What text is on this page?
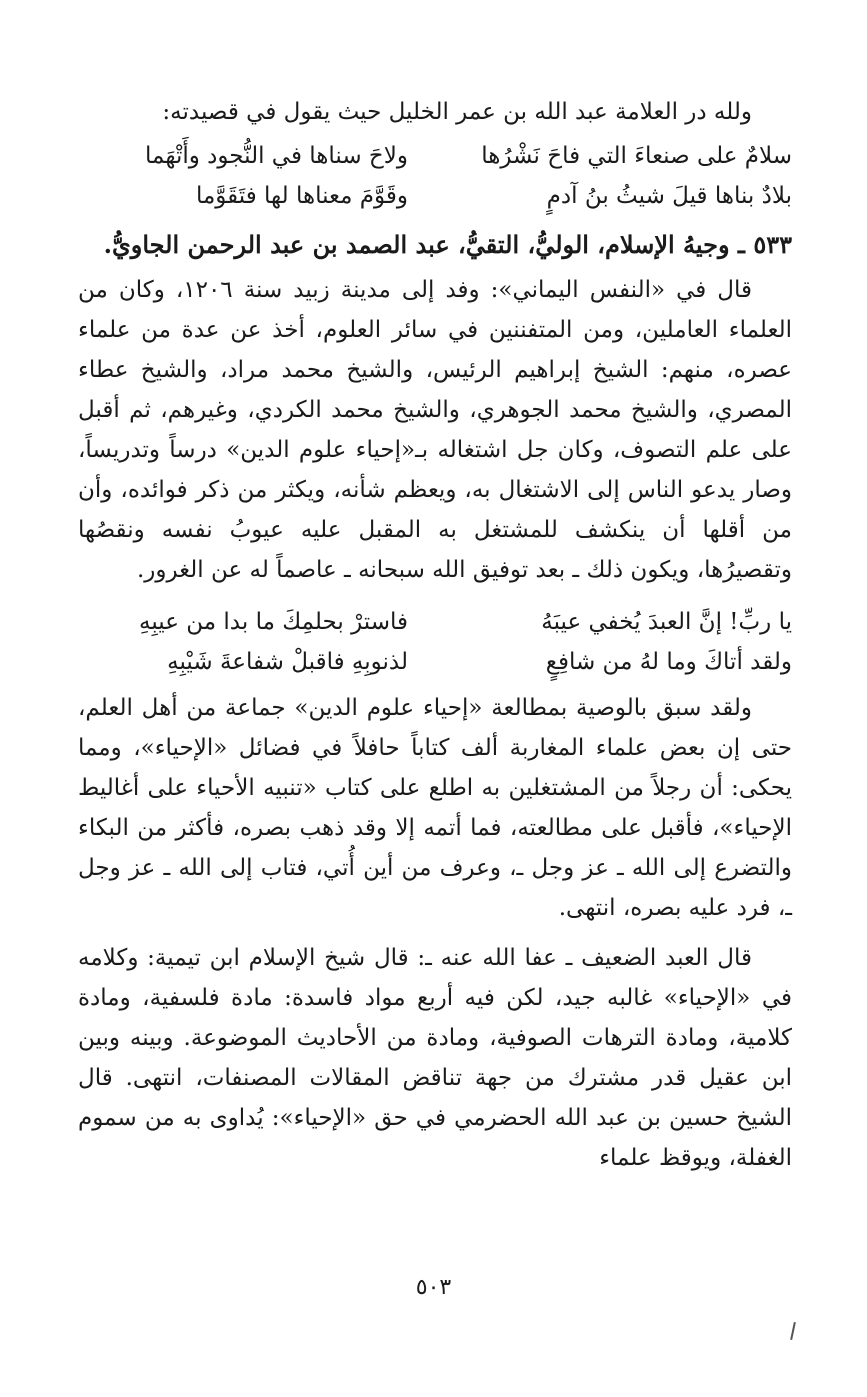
ولله در العلامة عبد الله بن عمر الخليل حيث يقول في قصيدته:

سلامٌ على صنعاءَ التي فاحَ نَشْرُها
ولاحَ سناها في النُّجود وأَتْهَما
بلادٌ بناها قيلَ شيثُ بنُ آدمٍ
وقَوَّمَ معناها لها فتَقَوَّما

٥٣٣ ـ وجيهُ الإسلام، الوليُّ، التقيُّ، عبد الصمد بن عبد الرحمن الجاويُّ.

قال في «النفس اليماني»: وفد إلى مدينة زبيد سنة ١٢٠٦، وكان من العلماء العاملين، ومن المتفننين في سائر العلوم، أخذ عن عدة من علماء عصره، منهم: الشيخ إبراهيم الرئيس، والشيخ محمد مراد، والشيخ عطاء المصري، والشيخ محمد الجوهري، والشيخ محمد الكردي، وغيرهم، ثم أقبل على علم التصوف، وكان جل اشتغاله بـ«إحياء علوم الدين» درساً وتدريساً، وصار يدعو الناس إلى الاشتغال به، ويعظم شأنه، ويكثر من ذكر فوائده، وأن من أقلها أن ينكشف للمشتغل به المقبل عليه عيوبُ نفسه ونقصُها وتقصيرُها، ويكون ذلك ـ بعد توفيق الله سبحانه ـ عاصماً له عن الغرور.

يا ربِّ! إنَّ العبدَ يُخفي عيبَهُ
فاسترْ بحلمِكَ ما بدا من عيبِهِ
ولقد أتاكَ وما لهُ من شافِعٍ
لذنوبِهِ فاقبلْ شفاعةَ شَيْبِهِ

ولقد سبق بالوصية بمطالعة «إحياء علوم الدين» جماعة من أهل العلم، حتى إن بعض علماء المغاربة ألف كتاباً حافلاً في فضائل «الإحياء»، ومما يحكى: أن رجلاً من المشتغلين به اطلع على كتاب «تنبيه الأحياء على أغاليط الإحياء»، فأقبل على مطالعته، فما أتمه إلا وقد ذهب بصره، فأكثر من البكاء والتضرع إلى الله ـ عز وجل ـ، وعرف من أين أُتي، فتاب إلى الله ـ عز وجل ـ، فرد عليه بصره، انتهى.

قال العبد الضعيف ـ عفا الله عنه ـ: قال شيخ الإسلام ابن تيمية: وكلامه في «الإحياء» غالبه جيد، لكن فيه أربع مواد فاسدة: مادة فلسفية، ومادة كلامية، ومادة الترهات الصوفية، ومادة من الأحاديث الموضوعة. وبينه وبين ابن عقيل قدر مشترك من جهة تناقض المقالات المصنفات، انتهى. قال الشيخ حسين بن عبد الله الحضرمي في حق «الإحياء»: يُداوى به من سموم الغفلة، ويوقظ علماء

٥٠٣
